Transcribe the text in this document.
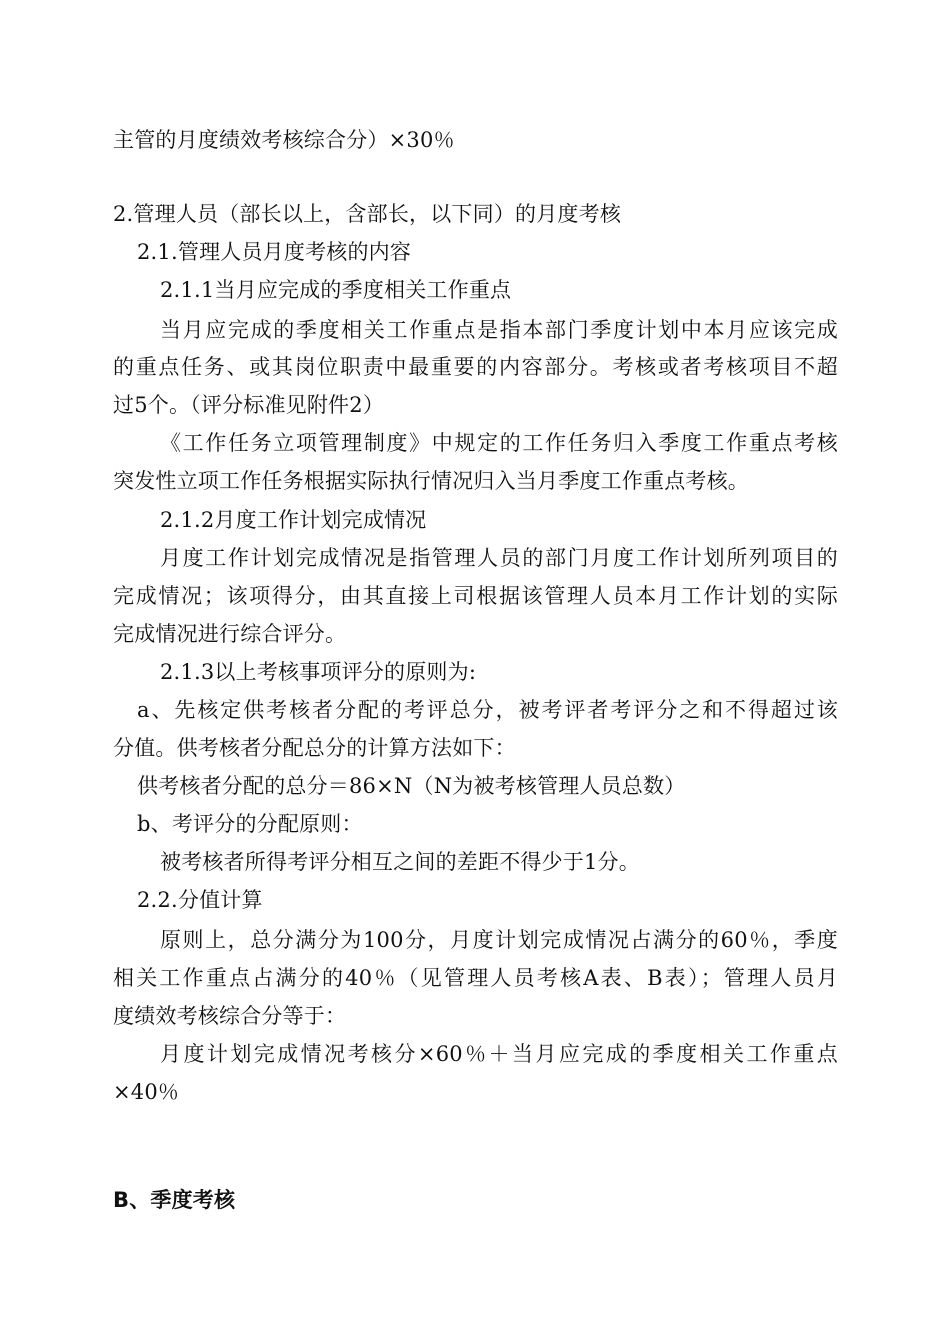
主管的月度绩效考核综合分）×30％
2.管理人员（部长以上，含部长，以下同）的月度考核
2.1.管理人员月度考核的内容
2.1.1当月应完成的季度相关工作重点
当月应完成的季度相关工作重点是指本部门季度计划中本月应该完成
的重点任务、或其岗位职责中最重要的内容部分。考核或者考核项目不超
过5个。（评分标准见附件2）
《工作任务立项管理制度》中规定的工作任务归入季度工作重点考核
突发性立项工作任务根据实际执行情况归入当月季度工作重点考核。
2.1.2月度工作计划完成情况
月度工作计划完成情况是指管理人员的部门月度工作计划所列项目的
完成情况；该项得分，由其直接上司根据该管理人员本月工作计划的实际
完成情况进行综合评分。
2.1.3以上考核事项评分的原则为:
a、先核定供考核者分配的考评总分，被考评者考评分之和不得超过该
分值。供考核者分配总分的计算方法如下：
供考核者分配的总分＝86×N（N为被考核管理人员总数）
b、考评分的分配原则：
被考核者所得考评分相互之间的差距不得少于1分。
2.2.分值计算
原则上，总分满分为100分，月度计划完成情况占满分的60％，季度
相关工作重点占满分的40％（见管理人员考核A表、B表）；管理人员月
度绩效考核综合分等于：
月度计划完成情况考核分×60％＋当月应完成的季度相关工作重点
×40％
B、季度考核
